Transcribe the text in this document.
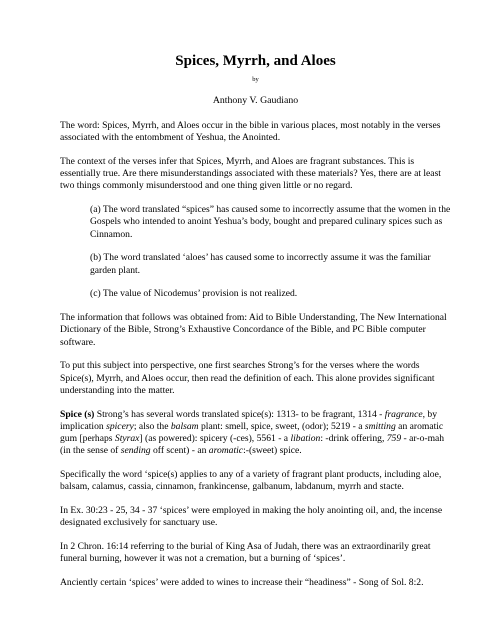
Spices, Myrrh, and Aloes
by
Anthony V. Gaudiano

The word: Spices, Myrrh, and Aloes occur in the bible in various places, most notably in the verses associated with the entombment of Yeshua, the Anointed.

The context of the verses infer that Spices, Myrrh, and Aloes are fragrant substances. This is essentially true. Are there misunderstandings associated with these materials? Yes, there are at least two things commonly misunderstood and one thing given little or no regard.

(a) The word translated “spices” has caused some to incorrectly assume that the women in the Gospels who intended to anoint Yeshua’s body, bought and prepared culinary spices such as Cinnamon.

(b) The word translated ‘aloes’ has caused some to incorrectly assume it was the familiar garden plant.

(c) The value of Nicodemus’ provision is not realized.

The information that follows was obtained from: Aid to Bible Understanding, The New International Dictionary of the Bible, Strong’s Exhaustive Concordance of the Bible, and PC Bible computer software.

To put this subject into perspective, one first searches Strong’s for the verses where the words Spice(s), Myrrh, and Aloes occur, then read the definition of each. This alone provides significant understanding into the matter.

Spice (s) Strong’s has several words translated spice(s): 1313- to be fragrant, 1314 - fragrance, by implication spicery; also the balsam plant: smell, spice, sweet, (odor); 5219 - a smitting an aromatic gum [perhaps Styrax] (as powered): spicery (-ces), 5561 - a libation: -drink offering, 759 - ar-o-mah (in the sense of sending off scent) - an aromatic:-(sweet) spice.

Specifically the word ‘spice(s) applies to any of a variety of fragrant plant products, including aloe, balsam, calamus, cassia, cinnamon, frankincense, galbanum, labdanum, myrrh and stacte.

In Ex. 30:23 - 25, 34 - 37 ‘spices’ were employed in making the holy anointing oil, and, the incense designated exclusively for sanctuary use.

In 2 Chron. 16:14 referring to the burial of King Asa of Judah, there was an extraordinarily great funeral burning, however it was not a cremation, but a burning of ‘spices’.

Anciently certain ‘spices’ were added to wines to increase their “headiness” - Song of Sol. 8:2.
